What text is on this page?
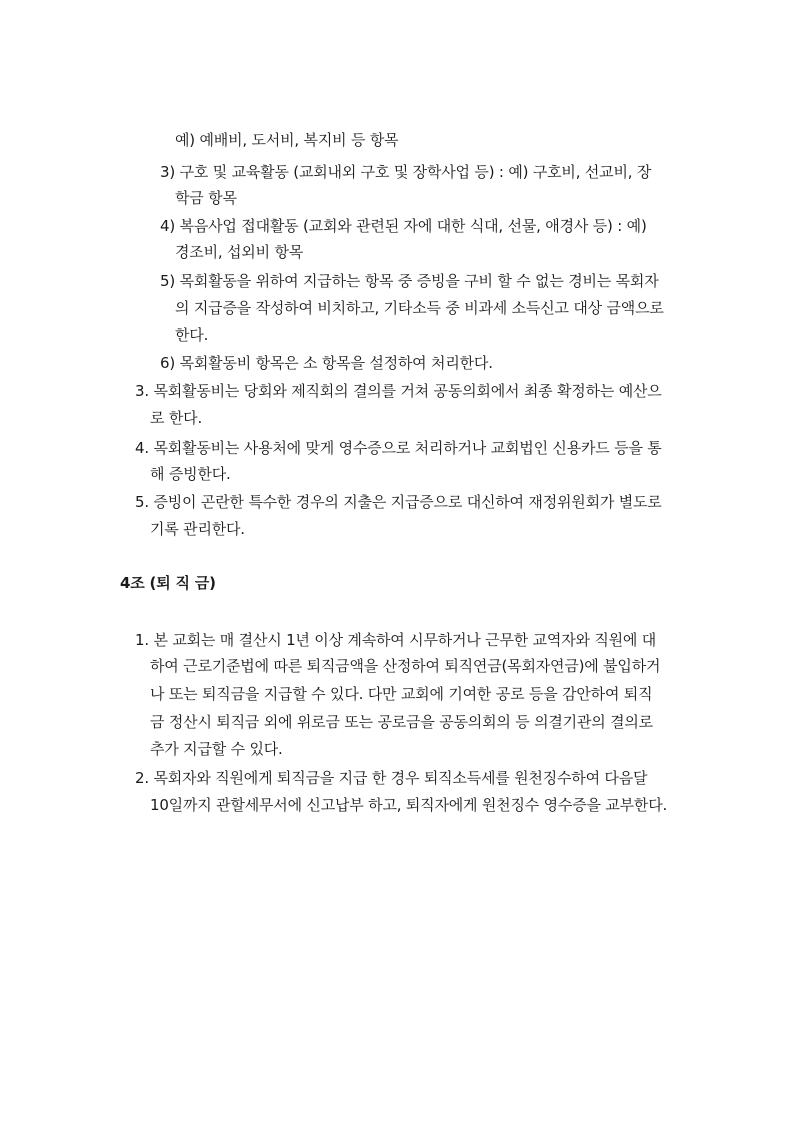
예) 예배비, 도서비, 복지비 등 항목
3) 구호 및 교육활동 (교회내외 구호 및 장학사업 등) : 예) 구호비, 선교비, 장
학금 항목
4) 복음사업 접대활동 (교회와 관련된 자에 대한 식대, 선물, 애경사 등) : 예)
경조비, 섭외비 항목
5) 목회활동을 위하여 지급하는 항목 중 증빙을 구비 할 수 없는 경비는 목회자
의 지급증을 작성하여 비치하고, 기타소득 중 비과세 소득신고 대상 금액으로
한다.
6) 목회활동비 항목은 소 항목을 설정하여 처리한다.
3. 목회활동비는 당회와 제직회의 결의를 거쳐 공동의회에서 최종 확정하는 예산으
로 한다.
4. 목회활동비는 사용처에 맞게 영수증으로 처리하거나 교회법인 신용카드 등을 통
해 증빙한다.
5. 증빙이 곤란한 특수한 경우의 지출은 지급증으로 대신하여 재정위원회가 별도로
기록 관리한다.
4조 (퇴 직 금)
1. 본 교회는 매 결산시 1년 이상 계속하여 시무하거나 근무한 교역자와 직원에 대
하여 근로기준법에 따른 퇴직금액을 산정하여 퇴직연금(목회자연금)에 불입하거
나 또는 퇴직금을 지급할 수 있다. 다만 교회에 기여한 공로 등을 감안하여 퇴직
금 정산시 퇴직금 외에 위로금 또는 공로금을 공동의회의 등 의결기관의 결의로
추가 지급할 수 있다.
2. 목회자와 직원에게 퇴직금을 지급 한 경우 퇴직소득세를 원천징수하여 다음달
10일까지 관할세무서에 신고납부 하고, 퇴직자에게 원천징수 영수증을 교부한다.
